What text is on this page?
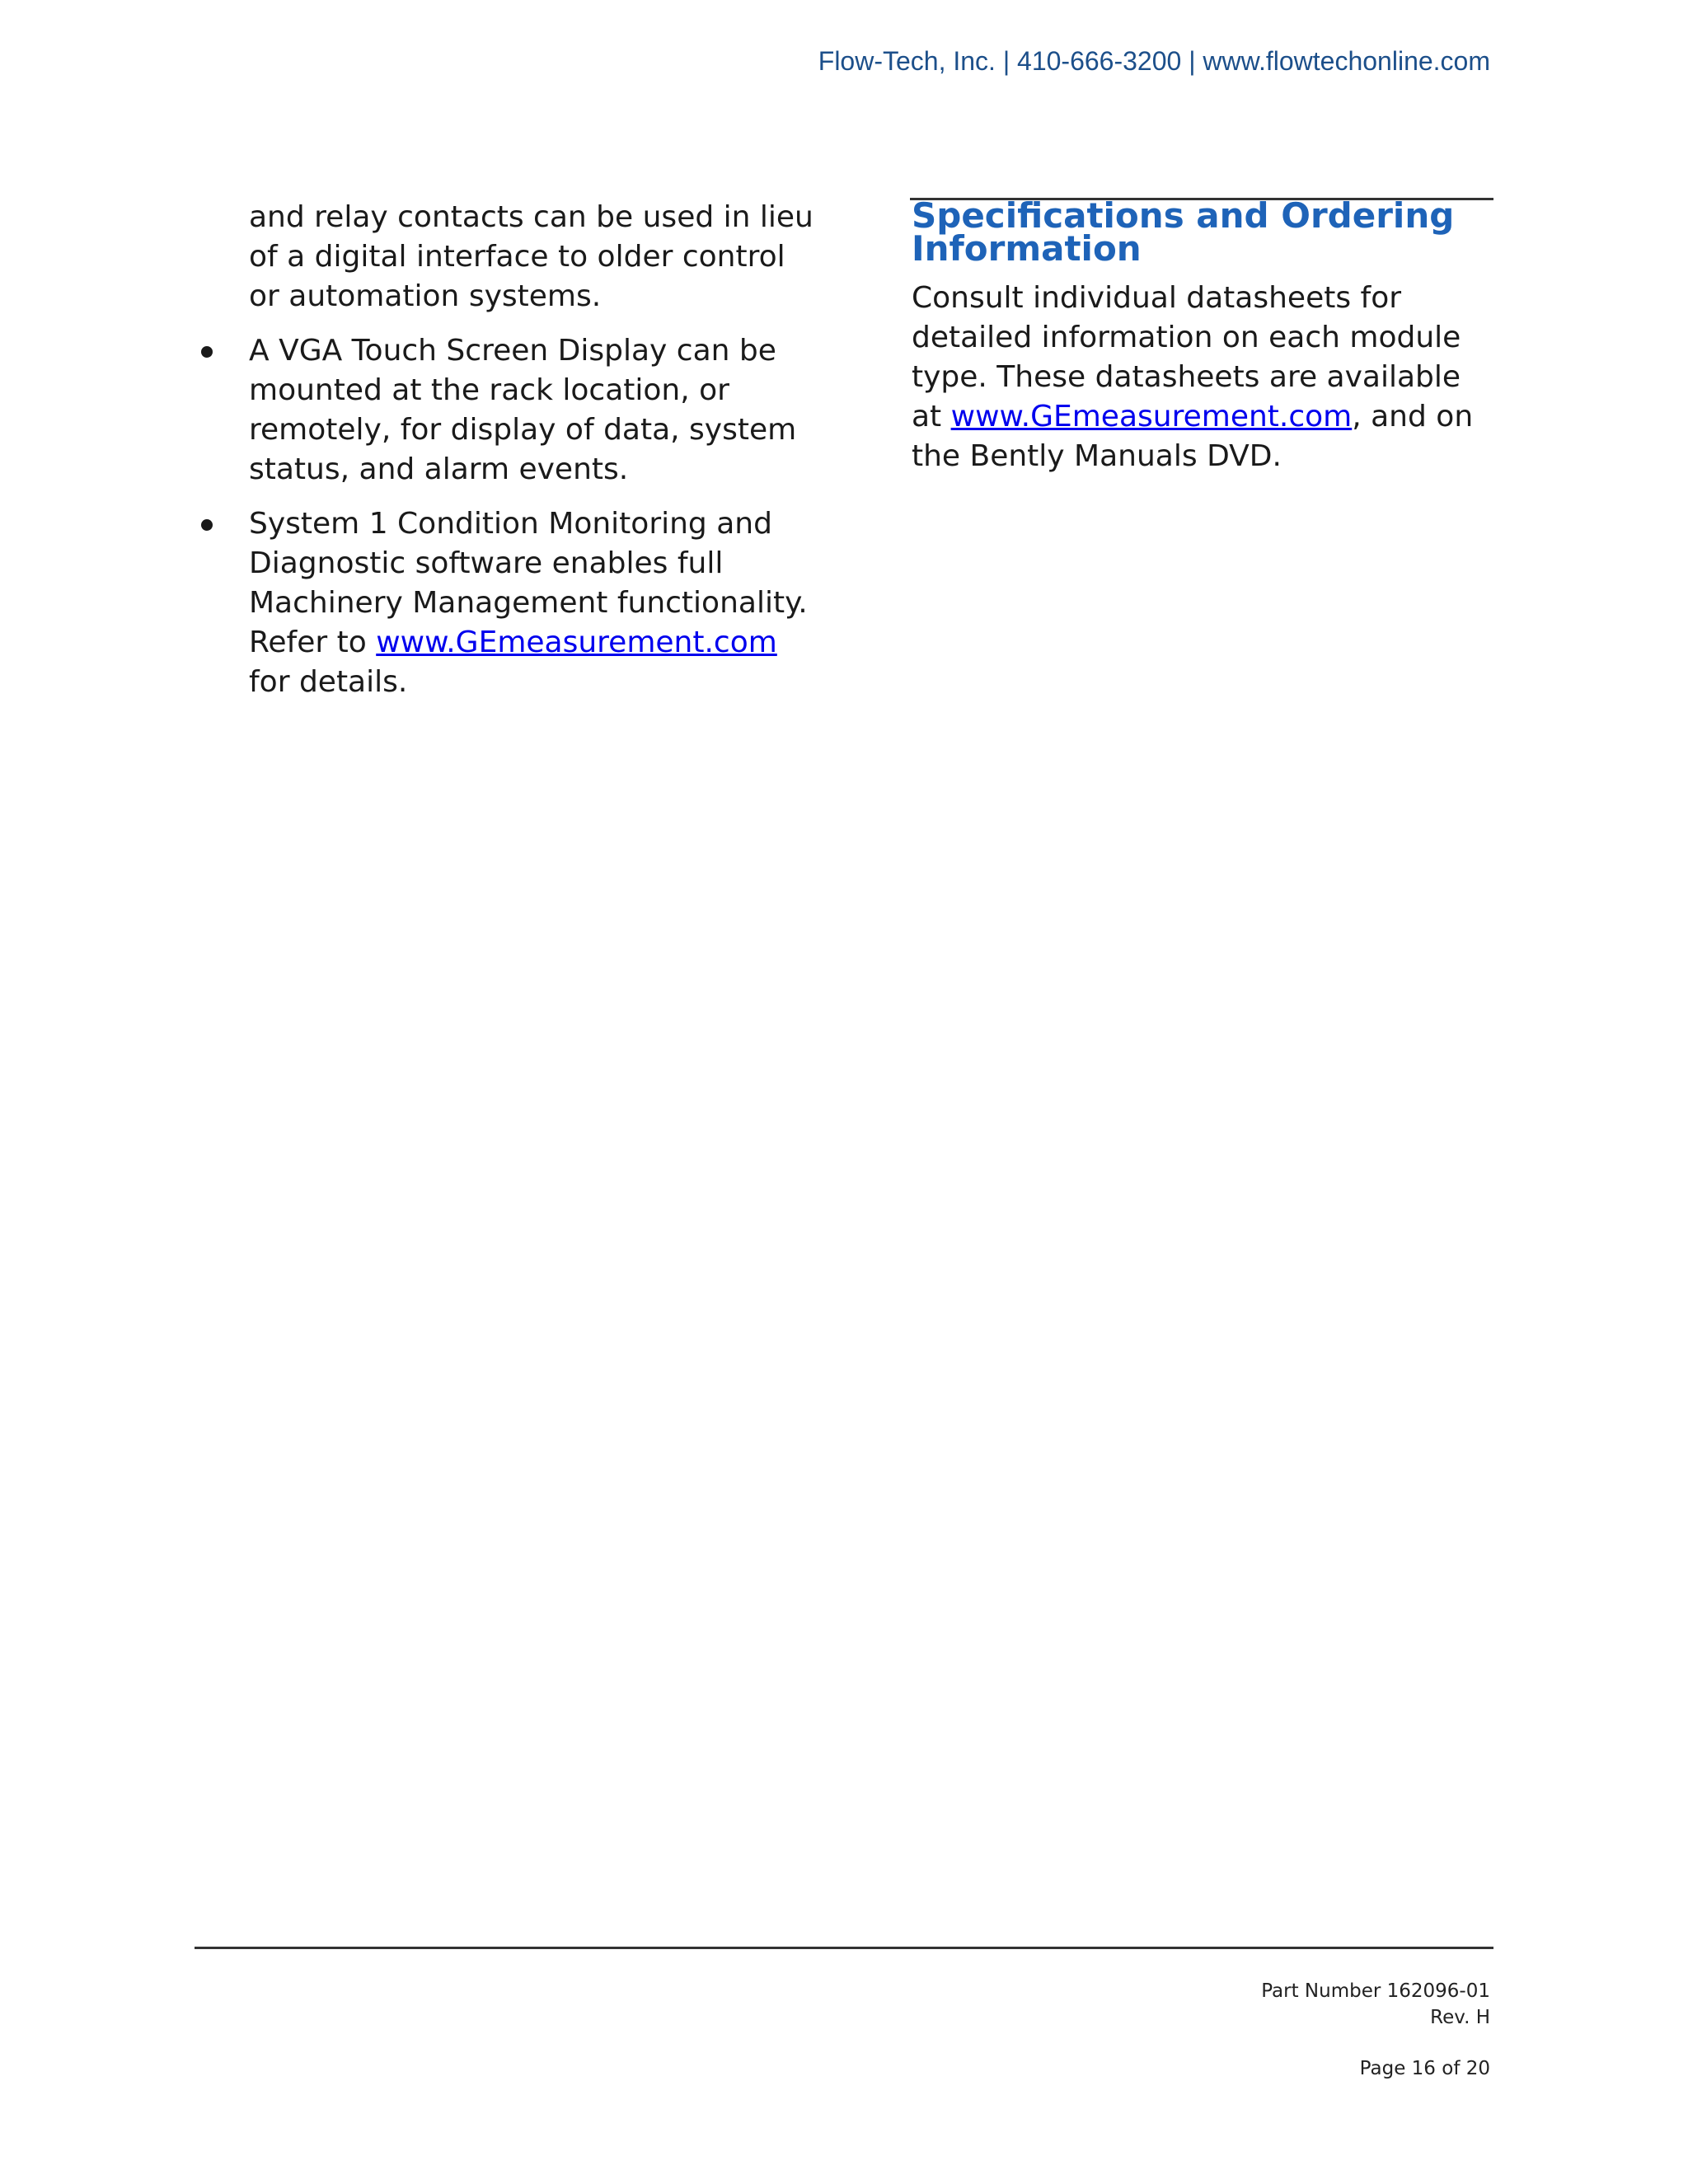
Flow-Tech, Inc. | 410-666-3200 | www.flowtechonline.com

and relay contacts can be used in lieu of a digital interface to older control or automation systems.

A VGA Touch Screen Display can be mounted at the rack location, or remotely, for display of data, system status, and alarm events.
System 1 Condition Monitoring and Diagnostic software enables full Machinery Management functionality. Refer to www.GEmeasurement.com for details.
Specifications and Ordering Information

Consult individual datasheets for detailed information on each module type. These datasheets are available at www.GEmeasurement.com, and on the Bently Manuals DVD.

Part Number 162096-01
Rev. H
Page 16 of 20
